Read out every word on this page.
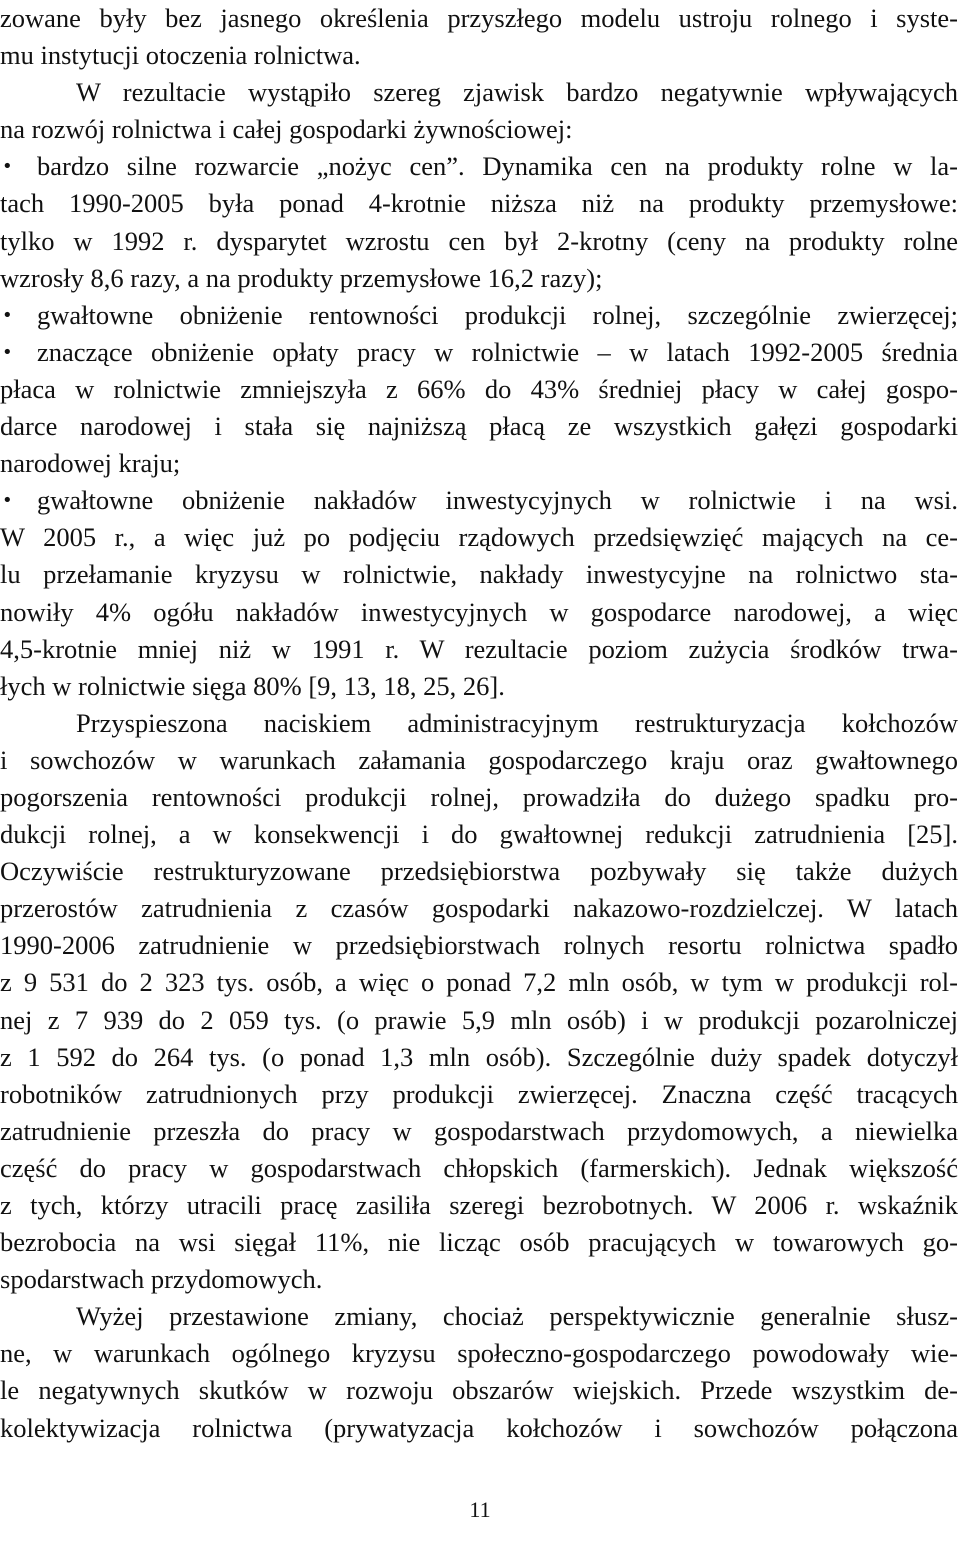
zowane były bez jasnego określenia przyszłego modelu ustroju rolnego i syste-
mu instytucji otoczenia rolnictwa.
W rezultacie wystąpiło szereg zjawisk bardzo negatywnie wpływających
na rozwój rolnictwa i całej gospodarki żywnościowej:
• bardzo silne rozwarcie „nożyc cen”. Dynamika cen na produkty rolne w la-
tach 1990-2005 była ponad 4-krotnie niższa niż na produkty przemysłowe:
tylko w 1992 r. dysparytet wzrostu cen był 2-krotny (ceny na produkty rolne
wzrosły 8,6 razy, a na produkty przemysłowe 16,2 razy);
• gwałtowne obniżenie rentowności produkcji rolnej, szczególnie zwierzęcej;
• znaczące obniżenie opłaty pracy w rolnictwie – w latach 1992-2005 średnia
płaca w rolnictwie zmniejszyła z 66% do 43% średniej płacy w całej gospo-
darce narodowej i stała się najniższą płacą ze wszystkich gałęzi gospodarki
narodowej kraju;
• gwałtowne obniżenie nakładów inwestycyjnych w rolnictwie i na wsi.
W 2005 r., a więc już po podjęciu rządowych przedsięwzięć mających na ce-
lu przełamanie kryzysu w rolnictwie, nakłady inwestycyjne na rolnictwo sta-
nowiły 4% ogółu nakładów inwestycyjnych w gospodarce narodowej, a więc
4,5-krotnie mniej niż w 1991 r. W rezultacie poziom zużycia środków trwa-
łych w rolnictwie sięga 80% [9, 13, 18, 25, 26].
Przyspieszona naciskiem administracyjnym restrukturyzacja kołchozów
i sowchozów w warunkach załamania gospodarczego kraju oraz gwałtownego
pogorszenia rentowności produkcji rolnej, prowadziła do dużego spadku pro-
dukcji rolnej, a w konsekwencji i do gwałtownej redukcji zatrudnienia [25].
Oczywiście restrukturyzowane przedsiębiorstwa pozbywały się także dużych
przerostów zatrudnienia z czasów gospodarki nakazowo-rozdzielczej. W latach
1990-2006 zatrudnienie w przedsiębiorstwach rolnych resortu rolnictwa spadło
z 9 531 do 2 323 tys. osób, a więc o ponad 7,2 mln osób, w tym w produkcji rol-
nej z 7 939 do 2 059 tys. (o prawie 5,9 mln osób) i w produkcji pozarolniczej
z 1 592 do 264 tys. (o ponad 1,3 mln osób). Szczególnie duży spadek dotyczył
robotników zatrudnionych przy produkcji zwierzęcej. Znaczna część tracących
zatrudnienie przeszła do pracy w gospodarstwach przydomowych, a niewielka
część do pracy w gospodarstwach chłopskich (farmerskich). Jednak większość
z tych, którzy utracili pracę zasiliła szeregi bezrobotnych. W 2006 r. wskaźnik
bezrobocia na wsi sięgał 11%, nie licząc osób pracujących w towarowych go-
spodarstwach przydomowych.
Wyżej przestawione zmiany, chociaż perspektywicznie generalnie słusz-
ne, w warunkach ogólnego kryzysu społeczno-gospodarczego powodowały wie-
le negatywnych skutków w rozwoju obszarów wiejskich. Przede wszystkim de-
kolektywizacja rolnictwa (prywatyzacja kołchozów i sowchozów połączona
11
